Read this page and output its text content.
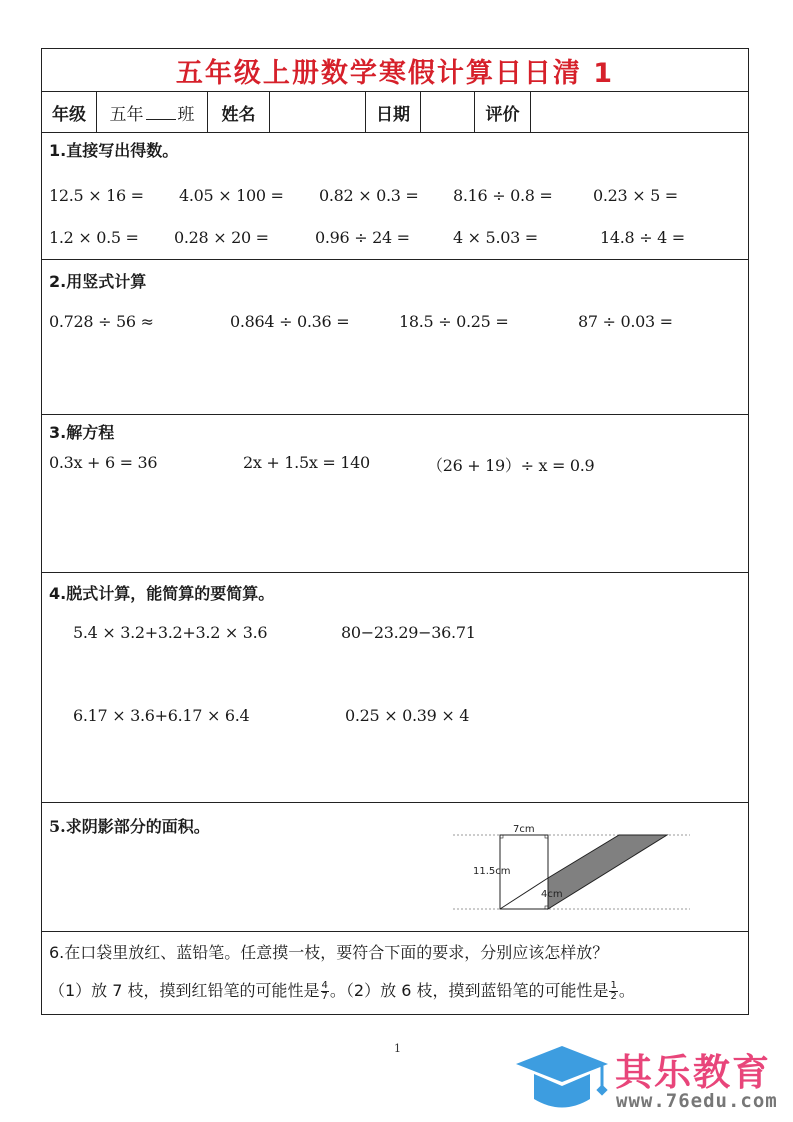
五年级上册数学寒假计算日日清 1
年级	五年 班	姓名	日期	评价
1.直接写出得数。
12.5 × 16 = 4.05 × 100 = 0.82 × 0.3 = 8.16 ÷ 0.8 =	0.23 × 5 =
1.2 × 0.5 = 0.28 × 20 =	0.96 ÷ 24 =	4 × 5.03 =	14.8 ÷ 4 =
2.用竖式计算
0.728 ÷ 56 ≈	0.864 ÷ 0.36 =	18.5 ÷ 0.25 =	87 ÷ 0.03 =
3.解方程
0.3x + 6 = 36	2x + 1.5x = 140	（26 + 19）÷ x = 0.9
4.脱式计算，能简算的要简算。
5.4 × 3.2+3.2+3.2 × 3.6	80−23.29−36.71
6.17 × 3.6+6.17 × 6.4	0.25 × 0.39 × 4
5.求阴影部分的面积。	7cm
11.5cm
4cm
6.在口袋里放红、蓝铅笔。任意摸一枝，要符合下面的要求，分别应该怎样放？
（1）放 7 枝，摸到红铅笔的可能性是 $\frac{4}{7}$ 。（2）放 6 枝，摸到蓝铅笔的可能性是 $\frac{1}{2}$ 。
1
其乐教育
www.76edu.com
